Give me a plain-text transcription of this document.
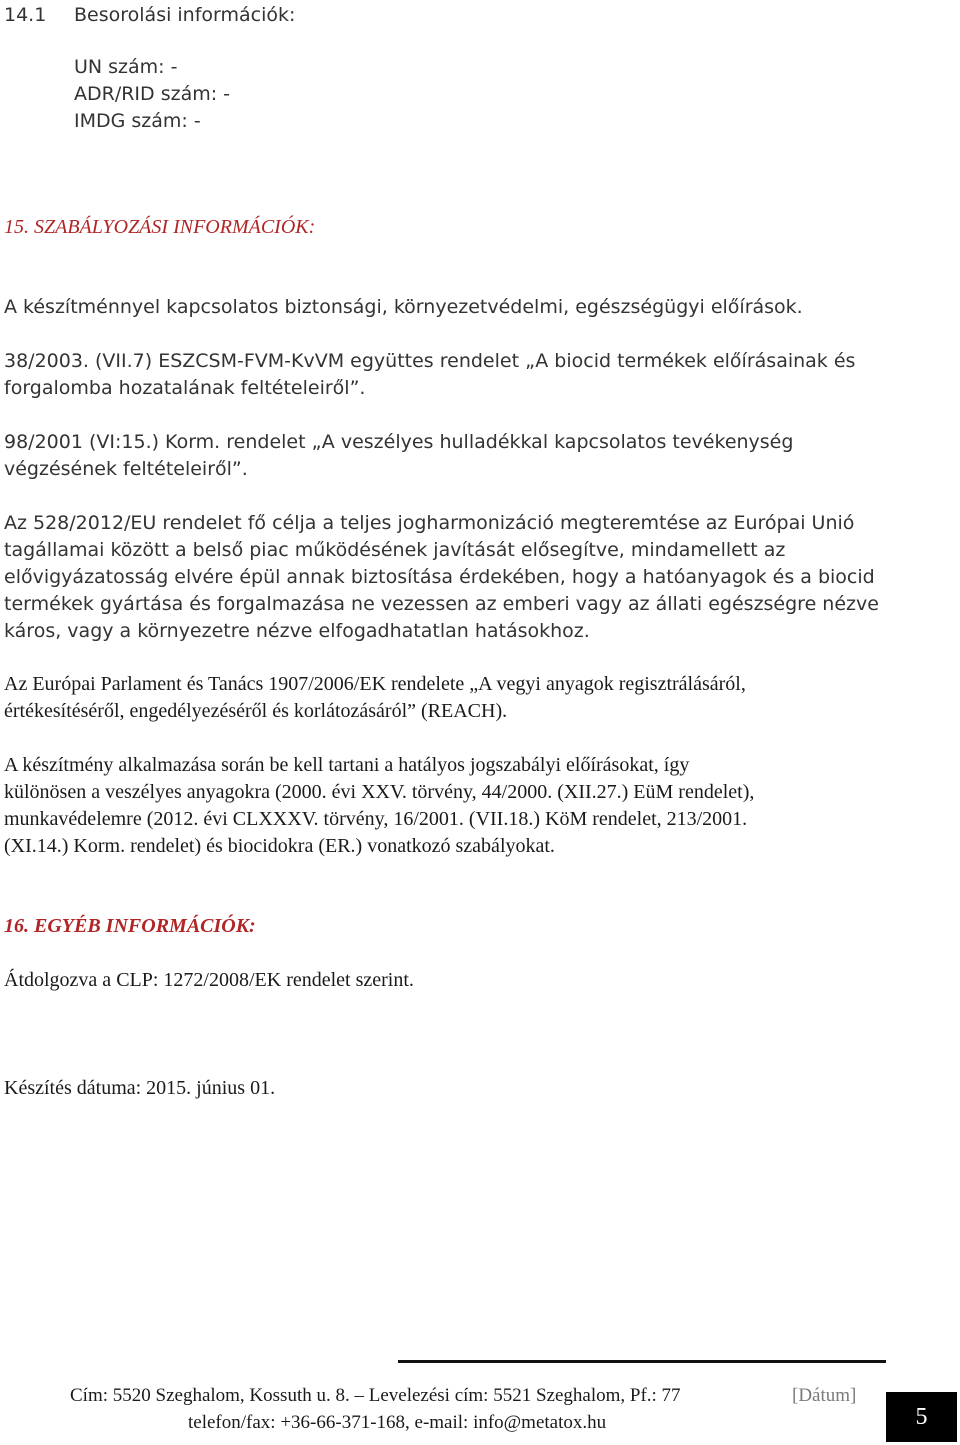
14.1 Besorolási információk:
UN szám: -
ADR/RID szám: -
IMDG szám: -
15. SZABÁLYOZÁSI INFORMÁCIÓK:
A készítménnyel kapcsolatos biztonsági, környezetvédelmi, egészségügyi előírások.
38/2003. (VII.7) ESZCSM-FVM-KvVM együttes rendelet „A biocid termékek előírásainak és
forgalomba hozatalának feltételeiről”.
98/2001 (VI:15.) Korm. rendelet „A veszélyes hulladékkal kapcsolatos tevékenység
végzésének feltételeiről”.
Az 528/2012/EU rendelet fő célja a teljes jogharmonizáció megteremtése az Európai Unió
tagállamai között a belső piac működésének javítását elősegítve, mindamellett az
elővigyázatosság elvére épül annak biztosítása érdekében, hogy a hatóanyagok és a biocid
termékek gyártása és forgalmazása ne vezessen az emberi vagy az állati egészségre nézve
káros, vagy a környezetre nézve elfogadhatatlan hatásokhoz.
Az Európai Parlament és Tanács 1907/2006/EK rendelete „A vegyi anyagok regisztrálásáról,
értékesítéséről, engedélyezéséről és korlátozásáról” (REACH).
A készítmény alkalmazása során be kell tartani a hatályos jogszabályi előírásokat, így
különösen a veszélyes anyagokra (2000. évi XXV. törvény, 44/2000. (XII.27.) EüM rendelet),
munkavédelemre (2012. évi CLXXXV. törvény, 16/2001. (VII.18.) KöM rendelet, 213/2001.
(XI.14.) Korm. rendelet) és biocidokra (ER.) vonatkozó szabályokat.
16. EGYÉB INFORMÁCIÓK:
Átdolgozva a CLP: 1272/2008/EK rendelet szerint.
Készítés dátuma: 2015. június 01.
Cím: 5520 Szeghalom, Kossuth u. 8. – Levelezési cím: 5521 Szeghalom, Pf.: 77	[Dátum]
telefon/fax: +36-66-371-168, e-mail: info@metatox.hu	5
